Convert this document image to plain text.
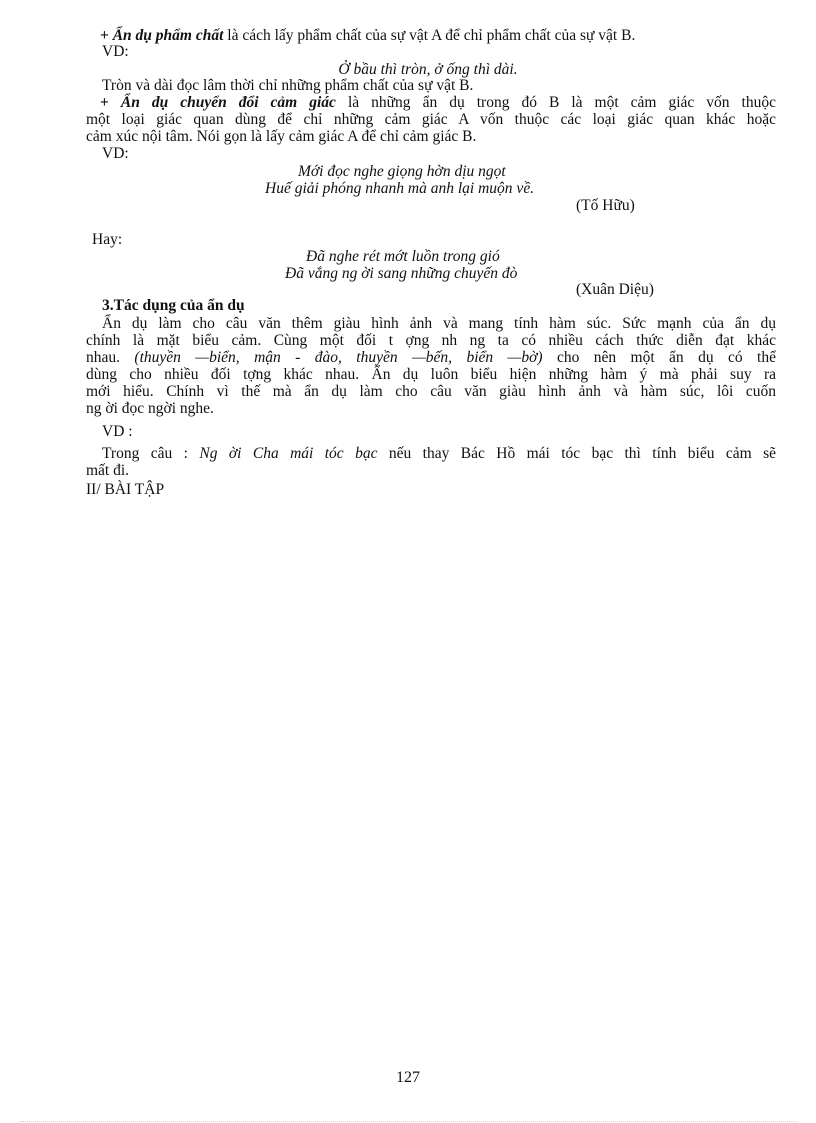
+ Ẩn dụ phẩm chất là cách lấy phẩm chất của sự vật A để chỉ phẩm chất của sự vật B.
VD:
Ở bầu thì tròn, ở ống thì dài.
Tròn và dài đọc lâm thời chỉ những phẩm chất của sự vật B.
+ Ẩn dụ chuyển đổi cảm giác là những ẩn dụ trong đó B là một cảm giác vốn thuộc
một loại giác quan dùng để chỉ những cảm giác A vốn thuộc các loại giác quan khác hoặc
cảm xúc nội tâm. Nói gọn là lấy cảm giác A để chỉ cảm giác B.
VD:
Mới đọc nghe giọng hờn dịu ngọt
Huế giải phóng nhanh mà anh lại muộn về.
(Tố Hữu)
Hay:
Đã nghe rét mớt luồn trong gió
Đã vắng ng ời sang những chuyến đò
(Xuân Diệu)
3.Tác dụng của ẩn dụ
Ẩn dụ làm cho câu văn thêm giàu hình ảnh và mang tính hàm súc. Sức mạnh của ẩn dụ
chính là mặt biểu cảm. Cùng một đối t ợng nh ng ta có nhiều cách thức diễn đạt khác
nhau. (thuyền —biển, mận - đào, thuyền —bến, biển —bờ) cho nên một ẩn dụ có thể
dùng cho nhiều đối tợng khác nhau. Ẩn dụ luôn biểu hiện những hàm ý mà phải suy ra
mới hiểu. Chính vì thế mà ẩn dụ làm cho câu văn giàu hình ảnh và hàm súc, lôi cuốn
ng ời đọc ngời nghe.
VD :
Trong câu : Ng ời Cha mái tóc bạc nếu thay Bác Hồ mái tóc bạc thì tính biểu cảm sẽ
mất đi.
II/ BÀI TẬP
127
